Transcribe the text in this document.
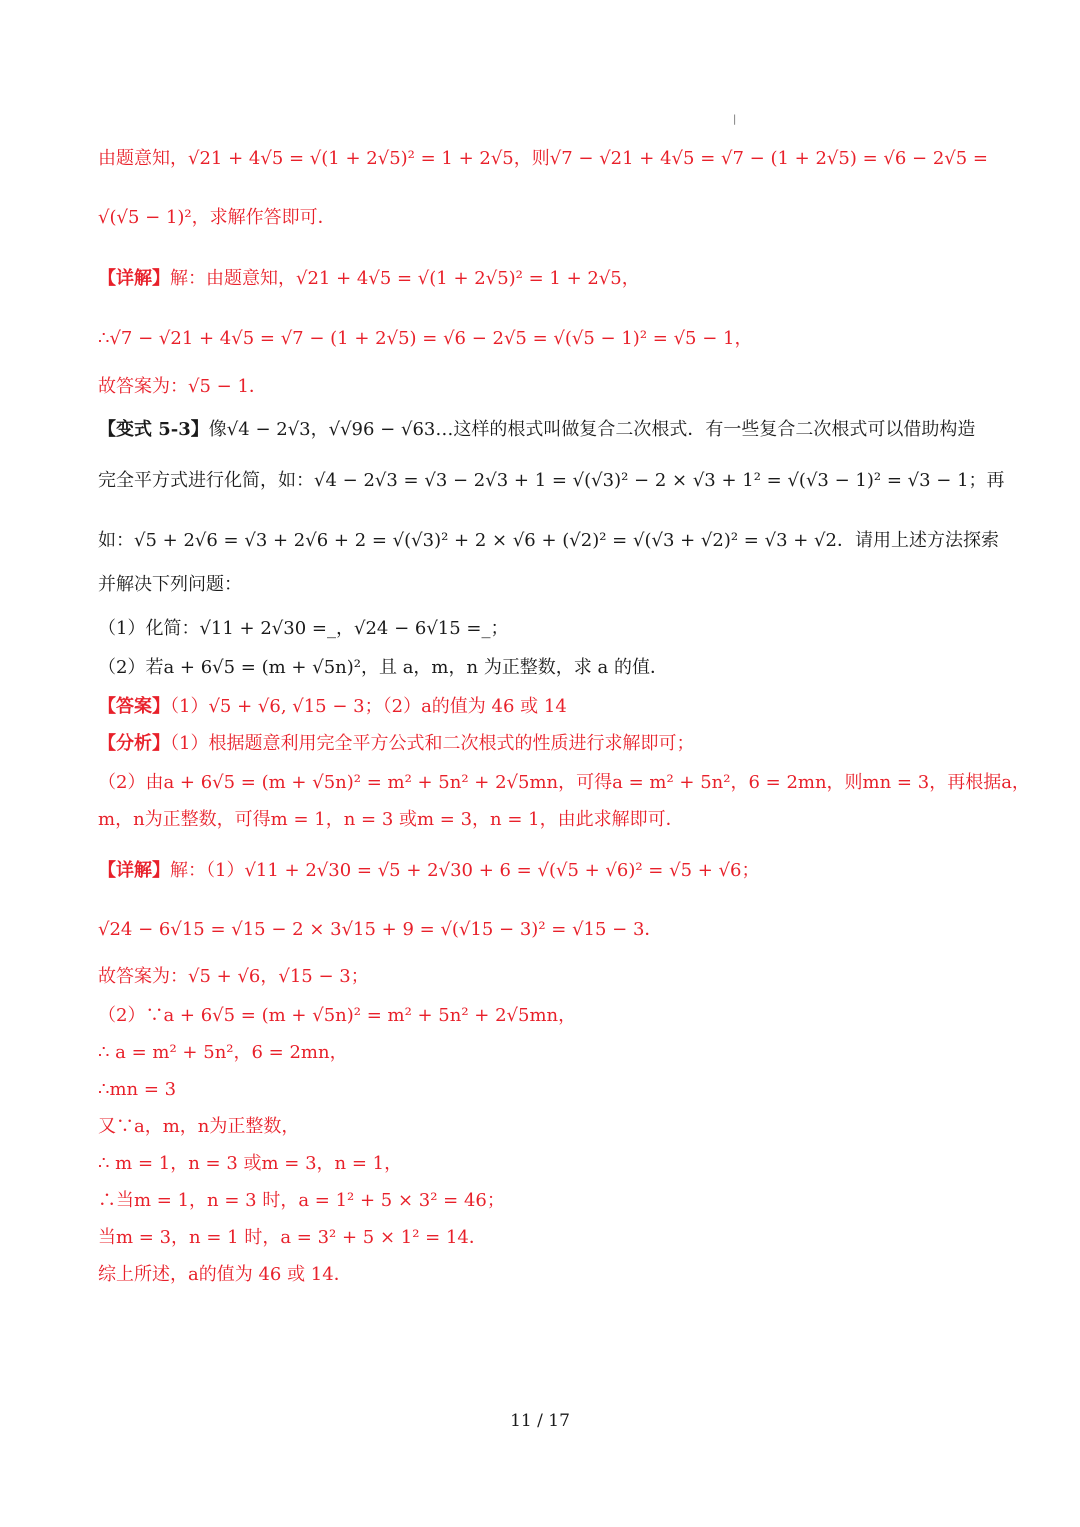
|
由题意知，√21 + 4√5 = √(1 + 2√5)² = 1 + 2√5，则√7 − √21 + 4√5 = √7 − (1 + 2√5) = √6 − 2√5 =
√(√5 − 1)²，求解作答即可．
【详解】解：由题意知，√21 + 4√5 = √(1 + 2√5)² = 1 + 2√5，
∴√7 − √21 + 4√5 = √7 − (1 + 2√5) = √6 − 2√5 = √(√5 − 1)² = √5 − 1，
故答案为：√5 − 1．
【变式 5-3】像√4 − 2√3，√√96 − √63…这样的根式叫做复合二次根式．有一些复合二次根式可以借助构造
完全平方式进行化简，如：√4 − 2√3 = √3 − 2√3 + 1 = √(√3)² − 2 × √3 + 1² = √(√3 − 1)² = √3 − 1；再
如：√5 + 2√6 = √3 + 2√6 + 2 = √(√3)² + 2 × √6 + (√2)² = √(√3 + √2)² = √3 + √2．请用上述方法探索
并解决下列问题：
（1）化简：√11 + 2√30 =_，√24 − 6√15 =_；
（2）若a + 6√5 = (m + √5n)²，且 a，m，n 为正整数，求 a 的值．
【答案】（1）√5 + √6, √15 − 3；（2）a的值为 46 或 14
【分析】（1）根据题意利用完全平方公式和二次根式的性质进行求解即可；
（2）由a + 6√5 = (m + √5n)² = m² + 5n² + 2√5mn，可得a = m² + 5n²，6 = 2mn，则mn = 3，再根据a，
m，n为正整数，可得m = 1，n = 3 或m = 3，n = 1，由此求解即可．
【详解】解：（1）√11 + 2√30 = √5 + 2√30 + 6 = √(√5 + √6)² = √5 + √6；
√24 − 6√15 = √15 − 2 × 3√15 + 9 = √(√15 − 3)² = √15 − 3．
故答案为：√5 + √6，√15 − 3；
（2）∵a + 6√5 = (m + √5n)² = m² + 5n² + 2√5mn，
∴ a = m² + 5n²，6 = 2mn，
∴mn = 3
又∵a，m，n为正整数，
∴ m = 1，n = 3 或m = 3，n = 1，
∴当m = 1，n = 3 时，a = 1² + 5 × 3² = 46；
当m = 3，n = 1 时，a = 3² + 5 × 1² = 14．
综上所述，a的值为 46 或 14．
11 / 17
